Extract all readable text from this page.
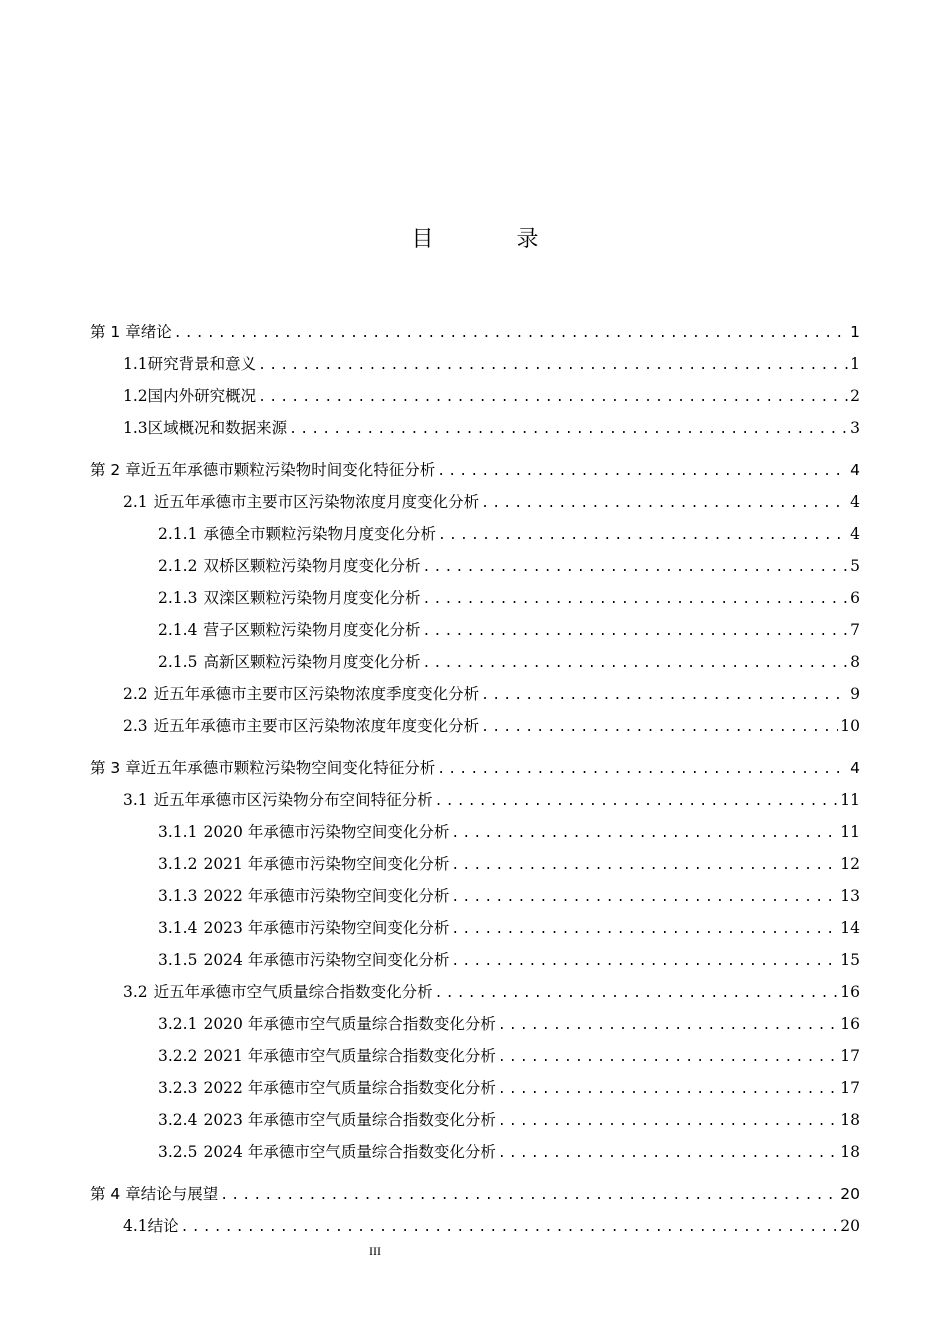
目 录
第 1 章 绪论 .....	1
1.1 研究背景和意义 .....	1
1.2 国内外研究概况 .....	2
1.3 区域概况和数据来源 .....	3
第 2 章 近五年承德市颗粒污染物时间变化特征分析 .....	4
2.1 近五年承德市主要市区污染物浓度月度变化分析 .....	4
2.1.1 承德全市颗粒污染物月度变化分析 .....	4
2.1.2 双桥区颗粒污染物月度变化分析 .....	5
2.1.3 双滦区颗粒污染物月度变化分析 .....	6
2.1.4 营子区颗粒污染物月度变化分析 .....	7
2.1.5 高新区颗粒污染物月度变化分析 .....	8
2.2 近五年承德市主要市区污染物浓度季度变化分析 .....	9
2.3 近五年承德市主要市区污染物浓度年度变化分析 .....	10
第 3 章 近五年承德市颗粒污染物空间变化特征分析 .....	4
3.1 近五年承德市区污染物分布空间特征分析 .....	11
3.1.1 2020 年承德市污染物空间变化分析 .....	11
3.1.2 2021 年承德市污染物空间变化分析 .....	12
3.1.3 2022 年承德市污染物空间变化分析 .....	13
3.1.4 2023 年承德市污染物空间变化分析 .....	14
3.1.5 2024 年承德市污染物空间变化分析 .....	15
3.2 近五年承德市空气质量综合指数变化分析 .....	16
3.2.1 2020 年承德市空气质量综合指数变化分析 .....	16
3.2.2 2021 年承德市空气质量综合指数变化分析 .....	17
3.2.3 2022 年承德市空气质量综合指数变化分析 .....	17
3.2.4 2023 年承德市空气质量综合指数变化分析 .....	18
3.2.5 2024 年承德市空气质量综合指数变化分析 .....	18
第 4 章 结论与展望 .....	20
4.1 结论 .....	20
III
